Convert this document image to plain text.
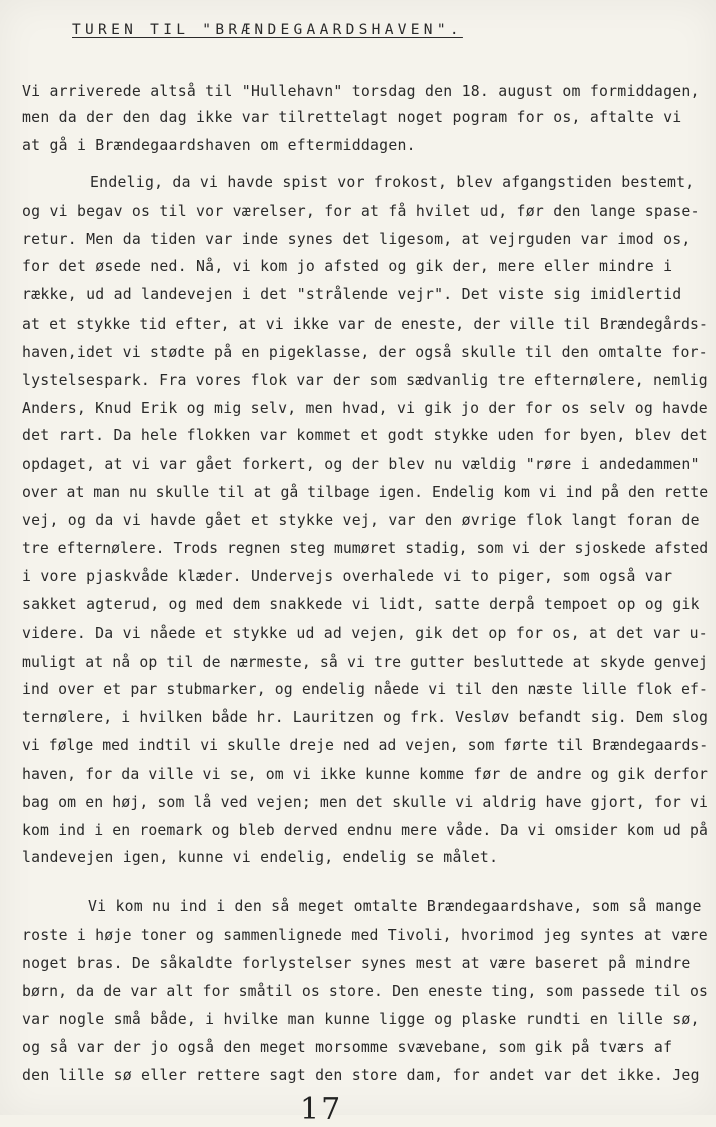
TUREN TIL "BRÆNDEGAARDSHAVEN".
Vi arriverede altså til "Hullehavn" torsdag den 18. august om formiddagen,
men da der den dag ikke var tilrettelagt noget pogram for os, aftalte vi
at gå i Brændegaardshaven om eftermiddagen.
Endelig, da vi havde spist vor frokost, blev afgangstiden bestemt,
og vi begav os til vor værelser, for at få hvilet ud, før den lange spase-
retur. Men da tiden var inde synes det ligesom, at vejrguden var imod os,
for det øsede ned. Nå, vi kom jo afsted og gik der, mere eller mindre i
række, ud ad landevejen i det "strålende vejr". Det viste sig imidlertid
at et stykke tid efter, at vi ikke var de eneste, der ville til Brændegårds-
haven,idet vi stødte på en pigeklasse, der også skulle til den omtalte for-
lystelsespark. Fra vores flok var der som sædvanlig tre efternølere, nemlig
Anders, Knud Erik og mig selv, men hvad, vi gik jo der for os selv og havde
det rart. Da hele flokken var kommet et godt stykke uden for byen, blev det
opdaget, at vi var gået forkert, og der blev nu vældig "røre i andedammen"
over at man nu skulle til at gå tilbage igen. Endelig kom vi ind på den rette
vej, og da vi havde gået et stykke vej, var den øvrige flok langt foran de
tre efternølere. Trods regnen steg mumøret stadig, som vi der sjoskede afsted
i vore pjaskvåde klæder. Undervejs overhalede vi to piger, som også var
sakket agterud, og med dem snakkede vi lidt, satte derpå tempoet op og gik
videre. Da vi nåede et stykke ud ad vejen, gik det op for os, at det var u-
muligt at nå op til de nærmeste, så vi tre gutter besluttede at skyde genvej
ind over et par stubmarker, og endelig nåede vi til den næste lille flok ef-
ternølere, i hvilken både hr. Lauritzen og frk. Vesløv befandt sig. Dem slog
vi følge med indtil vi skulle dreje ned ad vejen, som førte til Brændegaards-
haven, for da ville vi se, om vi ikke kunne komme før de andre og gik derfor
bag om en høj, som lå ved vejen; men det skulle vi aldrig have gjort, for vi
kom ind i en roemark og bleb derved endnu mere våde. Da vi omsider kom ud på
landevejen igen, kunne vi endelig, endelig se målet.
Vi kom nu ind i den så meget omtalte Brændegaardshave, som så mange
roste i høje toner og sammenlignede med Tivoli, hvorimod jeg syntes at være
noget bras. De såkaldte forlystelser synes mest at være baseret på mindre
børn, da de var alt for småtil os store. Den eneste ting, som passede til os
var nogle små både, i hvilke man kunne ligge og plaske rundti en lille sø,
og så var der jo også den meget morsomme svævebane, som gik på tværs af
den lille sø eller rettere sagt den store dam, for andet var det ikke. Jeg
17
